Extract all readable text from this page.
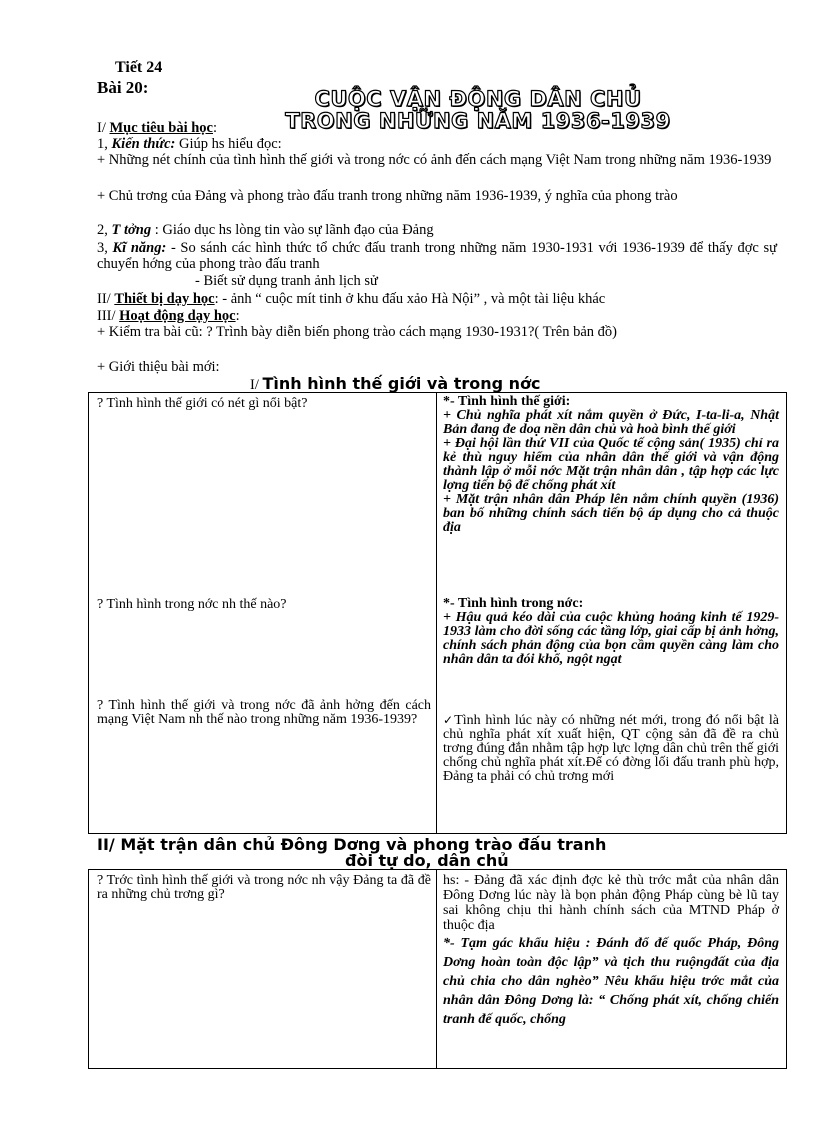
Tiết 24
Bài 20:	CUỘC VẬN ĐỘNG DÂN CHỦ
TRONG NHỮNG NĂM 1936-1939
I/ Mục tiêu bài học:
1, Kiến thức: Giúp hs hiểu đọc:
+ Những nét chính của tình hình thế giới và trong nớc có ảnh đến cách mạng Việt Nam trong những năm 1936-1939
+ Chủ trơng của Đảng và phong trào đấu tranh trong những năm 1936-1939, ý nghĩa của phong trào
2, T tởng : Giáo dục hs lòng tin vào sự lãnh đạo của Đảng
3, Kĩ năng: - So sánh các hình thức tổ chức đấu tranh trong những năm 1930-1931 với 1936-1939 để thấy đợc sự chuyển hớng của phong trào đấu tranh
- Biết sử dụng tranh ảnh lịch sử
II/ Thiết bị dạy học: - ảnh “ cuộc mít tinh ở khu đấu xảo Hà Nội” , và một tài liệu khác
III/ Hoạt động dạy học:
+ Kiểm tra bài cũ: ? Trình bày diễn biến phong trào cách mạng 1930-1931?( Trên bản đồ)
+ Giới thiệu bài mới:
I/ Tình hình thế giới và trong nớc
? Tình hình thế giới có nét gì nổi bật?
? Tình hình trong nớc nh thế nào?
? Tình hình thế giới và trong nớc đã ảnh hởng đến cách mạng Việt Nam nh thế nào trong những năm 1936-1939?

*- Tình hình thế giới:
+ Chủ nghĩa phát xít nắm quyền ở Đức, I-ta-li-a, Nhật Bản đang đe doạ nền dân chủ và hoà bình thế giới
+ Đại hội lần thứ VII của Quốc tế cộng sản( 1935) chỉ ra kẻ thù nguy hiểm của nhân dân thế giới và vận động thành lập ở mỗi nớc Mặt trận nhân dân , tập hợp các lực lợng tiến bộ để chống phát xít
+ Mặt trận nhân dân Pháp lên nắm chính quyền (1936) ban bố những chính sách tiến bộ áp dụng cho cả thuộc địa
*- Tình hình trong nớc:
+ Hậu quả kéo dài của cuộc khủng hoảng kinh tế 1929-1933 làm cho đời sống các tầng lớp, giai cấp bị ảnh hởng, chính sách phản động của bọn cầm quyền càng làm cho nhân dân ta đói khổ, ngột ngạt
✓Tình hình lúc này có những nét mới, trong đó nổi bật là chủ nghĩa phát xít xuất hiện, QT cộng sản đã đề ra chủ trơng đúng đắn nhằm tập hợp lực lợng dân chủ trên thế giới chống chủ nghĩa phát xít.Để có đờng lối đấu tranh phù hợp, Đảng ta phải có chủ trơng mới
II/ Mặt trận dân chủ Đông Dơng và phong trào đấu tranh
đòi tự do, dân chủ
? Trớc tình hình thế giới và trong nớc nh vậy Đảng ta đã đề ra những chủ trơng gì?

hs: - Đảng đã xác định đợc kẻ thù trớc mắt của nhân dân Đông Dơng lúc này là bọn phản động Pháp cùng bè lũ tay sai không chịu thi hành chính sách của MTND Pháp ở thuộc địa
*- Tạm gác khẩu hiệu : Đánh đổ đế quốc Pháp, Đông Dơng hoàn toàn độc lập” và tịch thu ruộngđất của địa chủ chia cho dân nghèo” Nêu khẩu hiệu trớc mắt của nhân dân Đông Dơng là: “ Chống phát xít, chống chiến tranh đế quốc, chống
